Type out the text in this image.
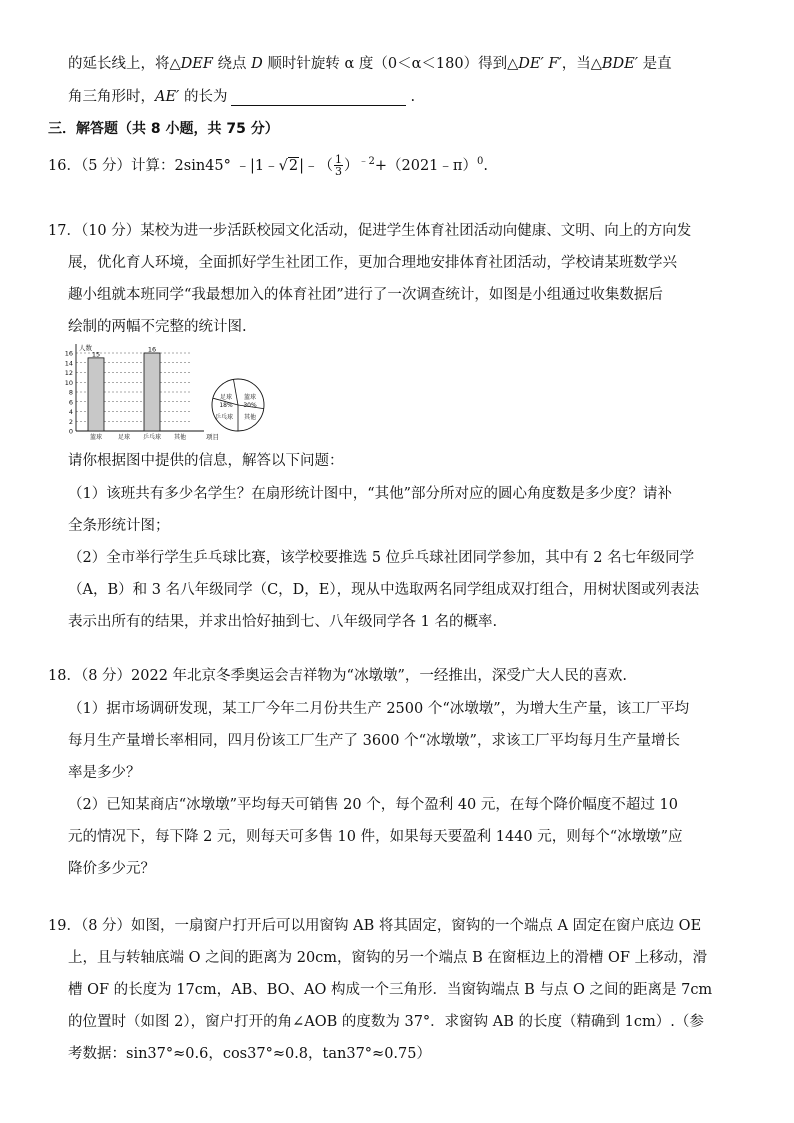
的延长线上，将△DEF 绕点 D 顺时针旋转 α 度（0＜α＜180）得到△DE′ F′，当△BDE′ 是直
角三角形时，AE′ 的长为	.
三．解答题（共 8 小题，共 75 分）
16．（5 分）计算：2sin45° ﹣|1﹣√2|﹣（ $\frac{1}{3}$ ）$^{﹣2}$+（2021﹣π）$^0$.
17．（10 分）某校为进一步活跃校园文化活动，促进学生体育社团活动向健康、文明、向上的方向发
展，优化育人环境，全面抓好学生社团工作，更加合理地安排体育社团活动，学校请某班数学兴
趣小组就本班同学“我最想加入的体育社团”进行了一次调查统计，如图是小组通过收集数据后
绘制的两幅不完整的统计图.
0
2
4
6
8
10
12
14
16
人数
项目
15
篮球	足球
16
乒乓球 其他
足球
18%
篮球
30%
乒乓球 其他
请你根据图中提供的信息，解答以下问题：
（1）该班共有多少名学生？在扇形统计图中，“其他”部分所对应的圆心角度数是多少度？请补
全条形统计图；
（2）全市举行学生乒乓球比赛，该学校要推选 5 位乒乓球社团同学参加，其中有 2 名七年级同学
（A，B）和 3 名八年级同学（C，D，E），现从中选取两名同学组成双打组合，用树状图或列表法
表示出所有的结果，并求出恰好抽到七、八年级同学各 1 名的概率.
18．（8 分）2022 年北京冬季奥运会吉祥物为“冰墩墩”，一经推出，深受广大人民的喜欢.
（1）据市场调研发现，某工厂今年二月份共生产 2500 个“冰墩墩”，为增大生产量，该工厂平均
每月生产量增长率相同，四月份该工厂生产了 3600 个“冰墩墩”，求该工厂平均每月生产量增长
率是多少？
（2）已知某商店“冰墩墩”平均每天可销售 20 个，每个盈利 40 元，在每个降价幅度不超过 10
元的情况下，每下降 2 元，则每天可多售 10 件，如果每天要盈利 1440 元，则每个“冰墩墩”应
降价多少元？
19．（8 分）如图，一扇窗户打开后可以用窗钩 AB 将其固定，窗钩的一个端点 A 固定在窗户底边 OE
上，且与转轴底端 O 之间的距离为 20cm，窗钩的另一个端点 B 在窗框边上的滑槽 OF 上移动，滑
槽 OF 的长度为 17cm，AB、BO、AO 构成一个三角形．当窗钩端点 B 与点 O 之间的距离是 7cm
的位置时（如图 2），窗户打开的角∠AOB 的度数为 37°．求窗钩 AB 的长度（精确到 1cm）.（参
考数据：sin37°≈0.6，cos37°≈0.8，tan37°≈0.75）
